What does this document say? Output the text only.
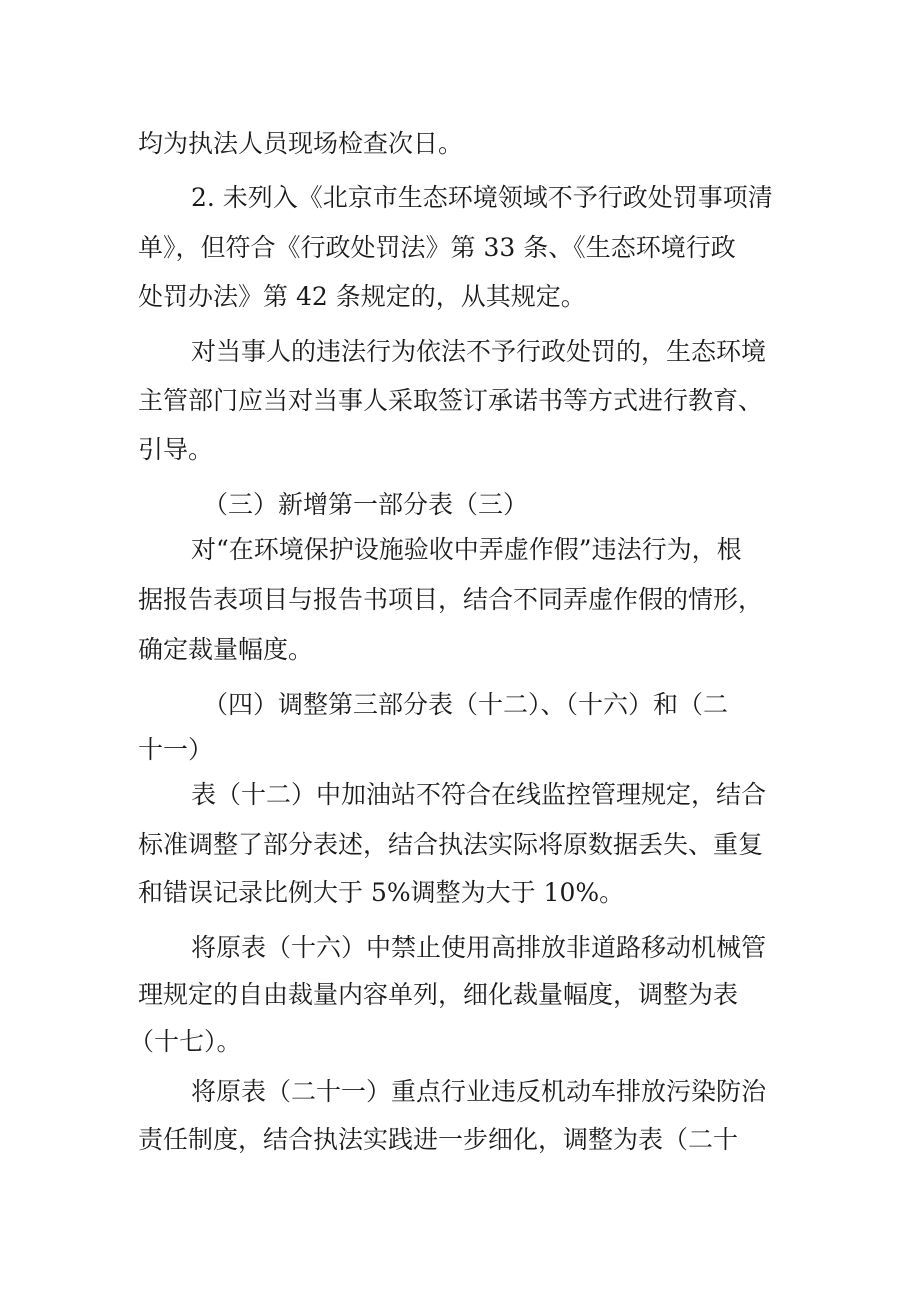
均为执法人员现场检查次日。
2. 未列入《北京市生态环境领域不予行政处罚事项清
单》，但符合《行政处罚法》第 33 条、《生态环境行政
处罚办法》第 42 条规定的，从其规定。
对当事人的违法行为依法不予行政处罚的，生态环境
主管部门应当对当事人采取签订承诺书等方式进行教育、
引导。
（三）新增第一部分表（三）
对“在环境保护设施验收中弄虚作假”违法行为，根
据报告表项目与报告书项目，结合不同弄虚作假的情形，
确定裁量幅度。
（四）调整第三部分表（十二）、（十六）和（二
十一）
表（十二）中加油站不符合在线监控管理规定，结合
标准调整了部分表述，结合执法实际将原数据丢失、重复
和错误记录比例大于 5%调整为大于 10%。
将原表（十六）中禁止使用高排放非道路移动机械管
理规定的自由裁量内容单列，细化裁量幅度，调整为表
（十七）。
将原表（二十一）重点行业违反机动车排放污染防治
责任制度，结合执法实践进一步细化，调整为表（二十
